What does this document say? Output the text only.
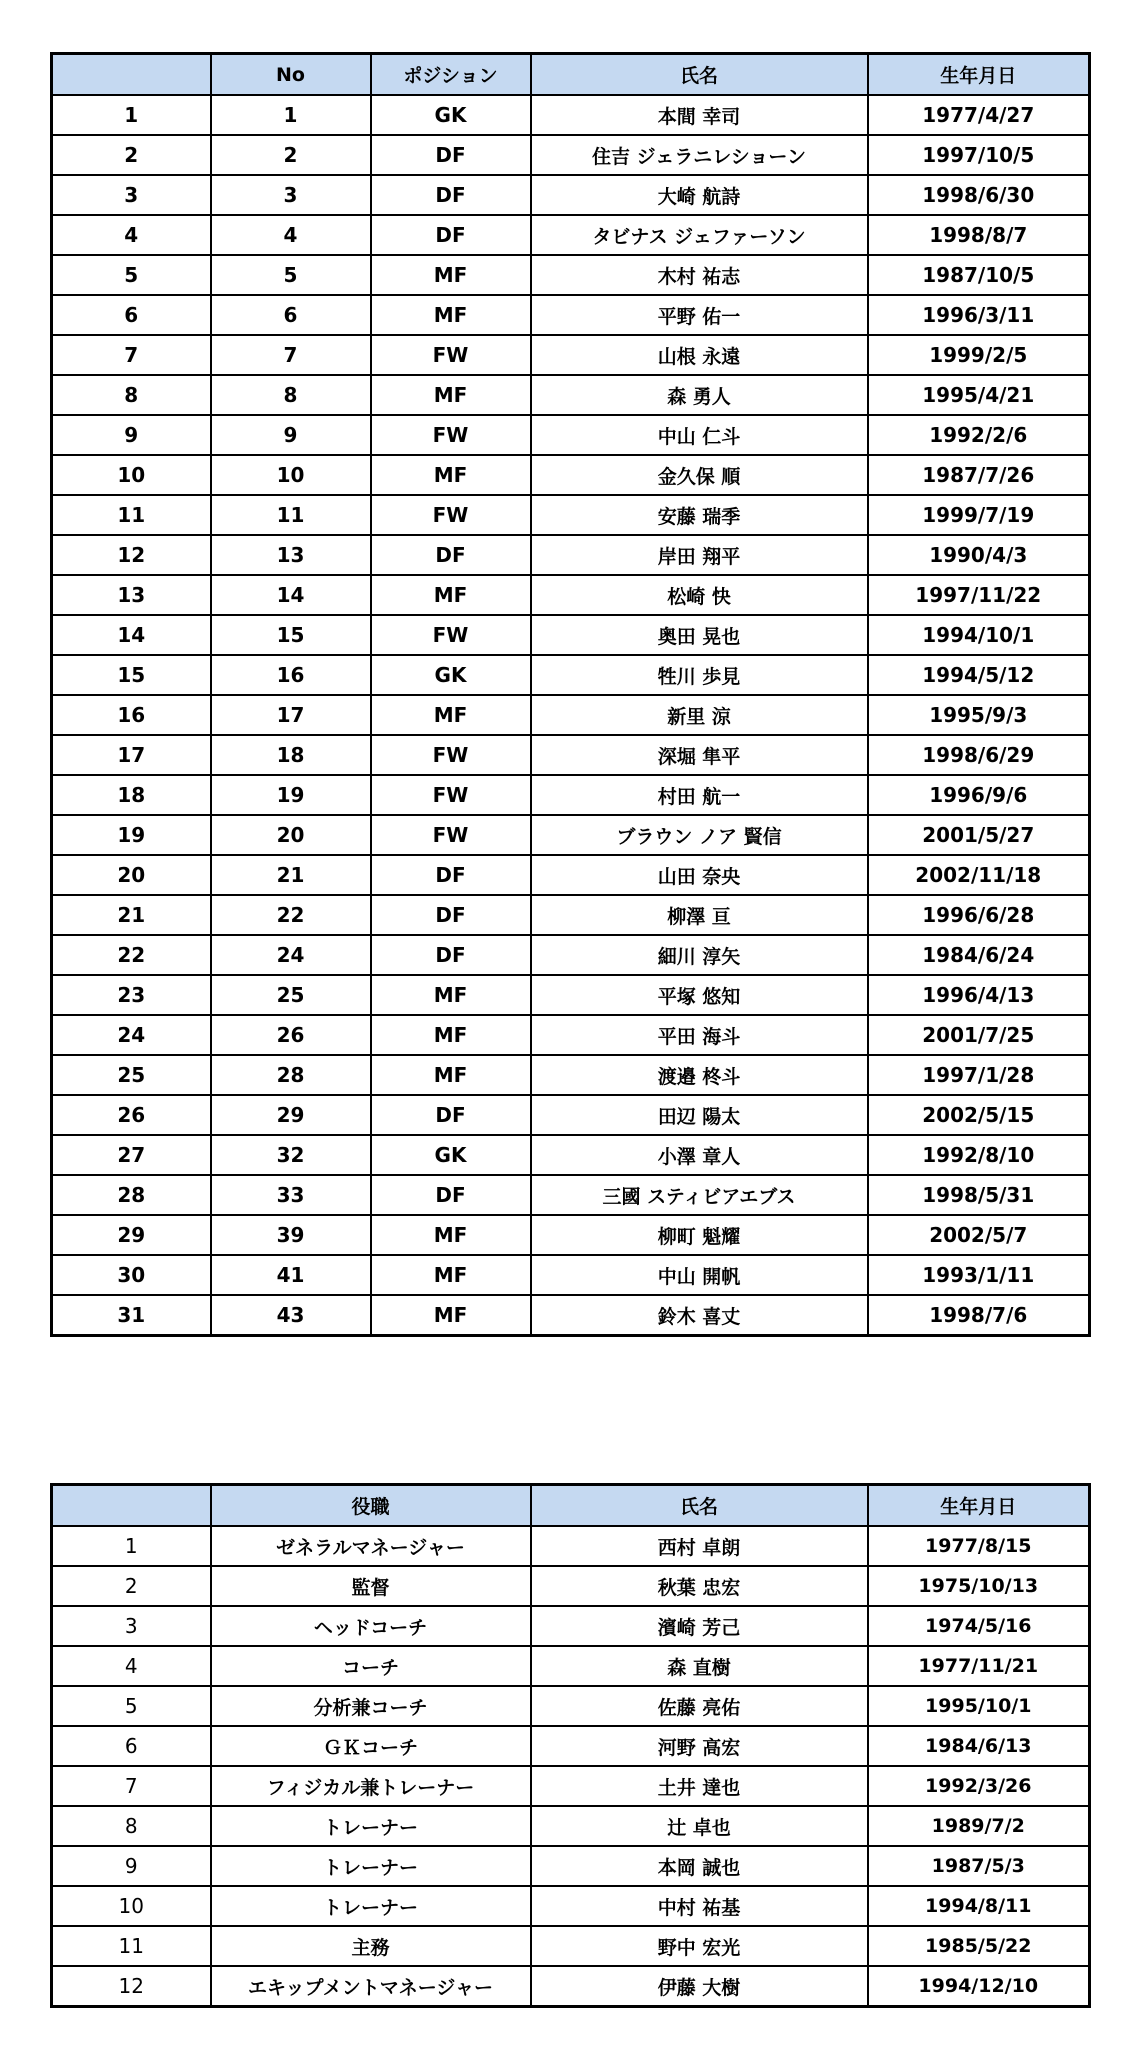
	No	ポジション	氏名	生年月日
1	1	GK	本間 幸司	1977/4/27
2	2	DF	住吉 ジェラニレショーン	1997/10/5
3	3	DF	大崎 航詩	1998/6/30
4	4	DF	タビナス ジェファーソン	1998/8/7
5	5	MF	木村 祐志	1987/10/5
6	6	MF	平野 佑一	1996/3/11
7	7	FW	山根 永遠	1999/2/5
8	8	MF	森 勇人	1995/4/21
9	9	FW	中山 仁斗	1992/2/6
10	10	MF	金久保 順	1987/7/26
11	11	FW	安藤 瑞季	1999/7/19
12	13	DF	岸田 翔平	1990/4/3
13	14	MF	松崎 快	1997/11/22
14	15	FW	奥田 晃也	1994/10/1
15	16	GK	牲川 歩見	1994/5/12
16	17	MF	新里 涼	1995/9/3
17	18	FW	深堀 隼平	1998/6/29
18	19	FW	村田 航一	1996/9/6
19	20	FW	ブラウン ノア 賢信	2001/5/27
20	21	DF	山田 奈央	2002/11/18
21	22	DF	柳澤 亘	1996/6/28
22	24	DF	細川 淳矢	1984/6/24
23	25	MF	平塚 悠知	1996/4/13
24	26	MF	平田 海斗	2001/7/25
25	28	MF	渡邉 柊斗	1997/1/28
26	29	DF	田辺 陽太	2002/5/15
27	32	GK	小澤 章人	1992/8/10
28	33	DF	三國 スティビアエブス	1998/5/31
29	39	MF	柳町 魁耀	2002/5/7
30	41	MF	中山 開帆	1993/1/11
31	43	MF	鈴木 喜丈	1998/7/6
	役職	氏名	生年月日
1	ゼネラルマネージャー	西村 卓朗	1977/8/15
2	監督	秋葉 忠宏	1975/10/13
3	ヘッドコーチ	濱崎 芳己	1974/5/16
4	コーチ	森 直樹	1977/11/21
5	分析兼コーチ	佐藤 亮佑	1995/10/1
6	ＧＫコーチ	河野 高宏	1984/6/13
7	フィジカル兼トレーナー	土井 達也	1992/3/26
8	トレーナー	辻 卓也	1989/7/2
9	トレーナー	本岡 誠也	1987/5/3
10	トレーナー	中村 祐基	1994/8/11
11	主務	野中 宏光	1985/5/22
12	エキップメントマネージャー	伊藤 大樹	1994/12/10
